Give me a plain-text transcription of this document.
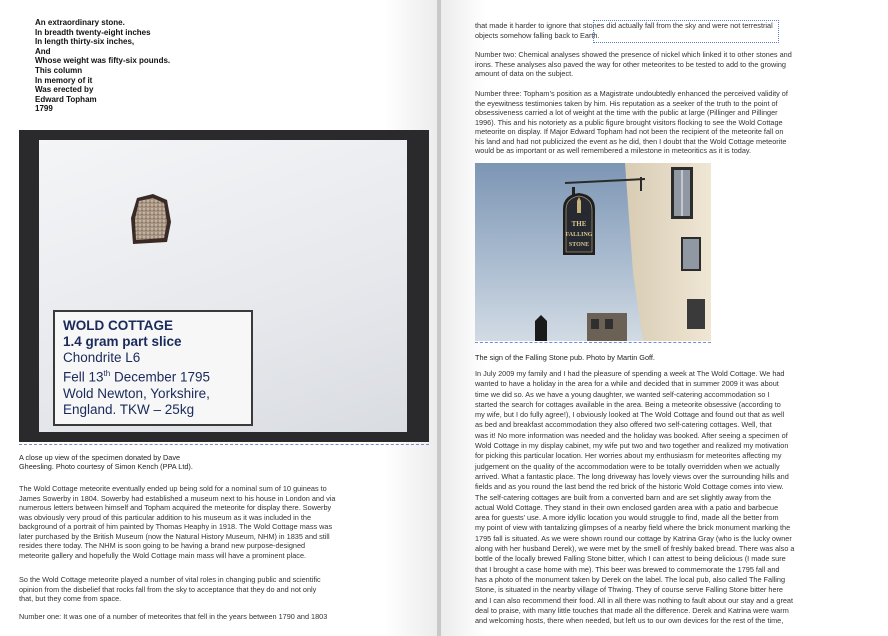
An extraordinary stone.
In breadth twenty-eight inches
In length thirty-six inches,
And
Whose weight was fifty-six pounds.
This column
In memory of it
Was erected by
Edward Topham
1799
WOLD COTTAGE
1.4 gram part slice
Chondrite L6
Fell 13th December 1795
Wold Newton, Yorkshire,
England. TKW – 25kg
A close up view of the specimen donated by Dave
Gheesling. Photo courtesy of Simon Kench (PPA Ltd).
The Wold Cottage meteorite eventually ended up being sold for a nominal sum of 10 guineas to
James Sowerby in 1804. Sowerby had established a museum next to his house in London and via
numerous letters between himself and Topham acquired the meteorite for display there. Sowerby
was obviously very proud of this particular addition to his museum as it was included in the
background of a portrait of him painted by Thomas Heaphy in 1918. The Wold Cottage mass was
later purchased by the British Museum (now the Natural History Museum, NHM) in 1835 and still
resides there today. The NHM is soon going to be having a brand new purpose-designed
meteorite gallery and hopefully the Wold Cottage main mass will have a prominent place.
So the Wold Cottage meteorite played a number of vital roles in changing public and scientific
opinion from the disbelief that rocks fall from the sky to acceptance that they do and not only
that, but they come from space.
Number one: It was one of a number of meteorites that fell in the years between 1790 and 1803
that made it harder to ignore that stones did actually fall from the sky and were not terrestrial
objects somehow falling back to Earth.
Number two: Chemical analyses showed the presence of nickel which linked it to other stones and
irons. These analyses also paved the way for other meteorites to be tested to add to the growing
amount of data on the subject.
Number three: Topham’s position as a Magistrate undoubtedly enhanced the perceived validity of
the eyewitness testimonies taken by him. His reputation as a seeker of the truth to the point of
obsessiveness carried a lot of weight at the time with the public at large (Pillinger and Pillinger
1996). This and his notoriety as a public figure brought visitors flocking to see the Wold Cottage
meteorite on display. If Major Edward Topham had not been the recipient of the meteorite fall on
his land and had not publicized the event as he did, then I doubt that the Wold Cottage meteorite
would be as important or as well remembered a milestone in meteoritics as it is today.
THE
FALLING
STONE
The sign of the Falling Stone pub. Photo by Martin Goff.
In July 2009 my family and I had the pleasure of spending a week at The Wold Cottage. We had
wanted to have a holiday in the area for a while and decided that in summer 2009 it was about
time we did so. As we have a young daughter, we wanted self-catering accommodation so I
started the search for cottages available in the area. Being a meteorite obsessive (according to
my wife, but I do fully agree!), I obviously looked at The Wold Cottage and found out that as well
as bed and breakfast accommodation they also offered two self-catering cottages. Well, that
was it! No more information was needed and the holiday was booked. After seeing a specimen of
Wold Cottage in my display cabinet, my wife put two and two together and realized my motivation
for picking this particular location. Her worries about my enthusiasm for meteorites affecting my
judgement on the quality of the accommodation were to be totally overridden when we actually
arrived. What a fantastic place. The long driveway has lovely views over the surrounding hills and
fields and as you round the last bend the red brick of the historic Wold Cottage comes into view.
The self-catering cottages are built from a converted barn and are set slightly away from the
actual Wold Cottage. They stand in their own enclosed garden area with a patio and barbecue
area for guests’ use. A more idyllic location you would struggle to find, made all the better from
my point of view with tantalizing glimpses of a nearby field where the brick monument marking the
1795 fall is situated. As we were shown round our cottage by Katrina Gray (who is the lucky owner
along with her husband Derek), we were met by the smell of freshly baked bread. There was also a
bottle of the locally brewed Falling Stone bitter, which I can attest to being delicious (I made sure
that I brought a case home with me). This beer was brewed to commemorate the 1795 fall and
has a photo of the monument taken by Derek on the label. The local pub, also called The Falling
Stone, is situated in the nearby village of Thwing. They of course serve Falling Stone bitter here
and I can also recommend their food. All in all there was nothing to fault about our stay and a great
deal to praise, with many little touches that made all the difference. Derek and Katrina were warm
and welcoming hosts, there when needed, but left us to our own devices for the rest of the time,
